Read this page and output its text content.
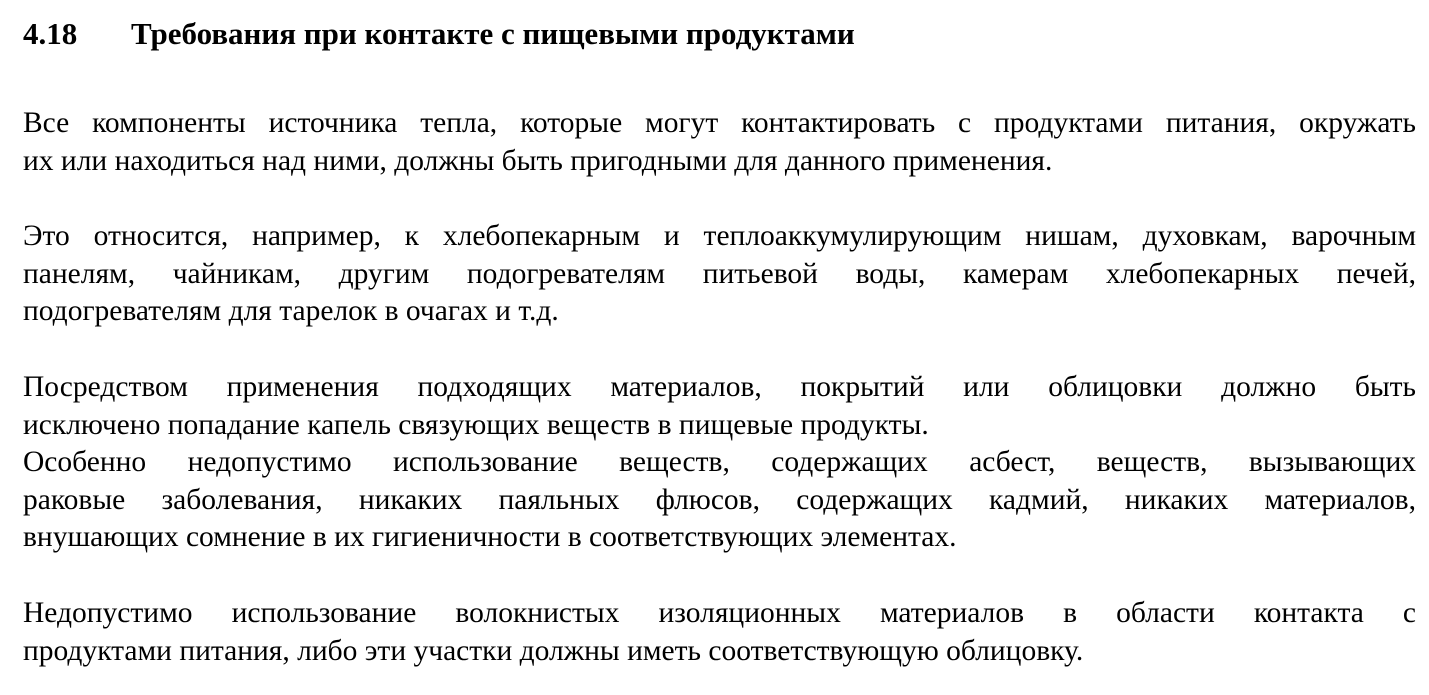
4.18 Требования при контакте с пищевыми продуктами

Все компоненты источника тепла, которые могут контактировать с продуктами питания, окружать
их или находиться над ними, должны быть пригодными для данного применения.

Это относится, например, к хлебопекарным и теплоаккумулирующим нишам, духовкам, варочным
панелям, чайникам, другим подогревателям питьевой воды, камерам хлебопекарных печей,
подогревателям для тарелок в очагах и т.д.

Посредством применения подходящих материалов, покрытий или облицовки должно быть
исключено попадание капель связующих веществ в пищевые продукты.

Особенно недопустимо использование веществ, содержащих асбест, веществ, вызывающих
раковые заболевания, никаких паяльных флюсов, содержащих кадмий, никаких материалов,
внушающих сомнение в их гигиеничности в соответствующих элементах.

Недопустимо использование волокнистых изоляционных материалов в области контакта с
продуктами питания, либо эти участки должны иметь соответствующую облицовку.
